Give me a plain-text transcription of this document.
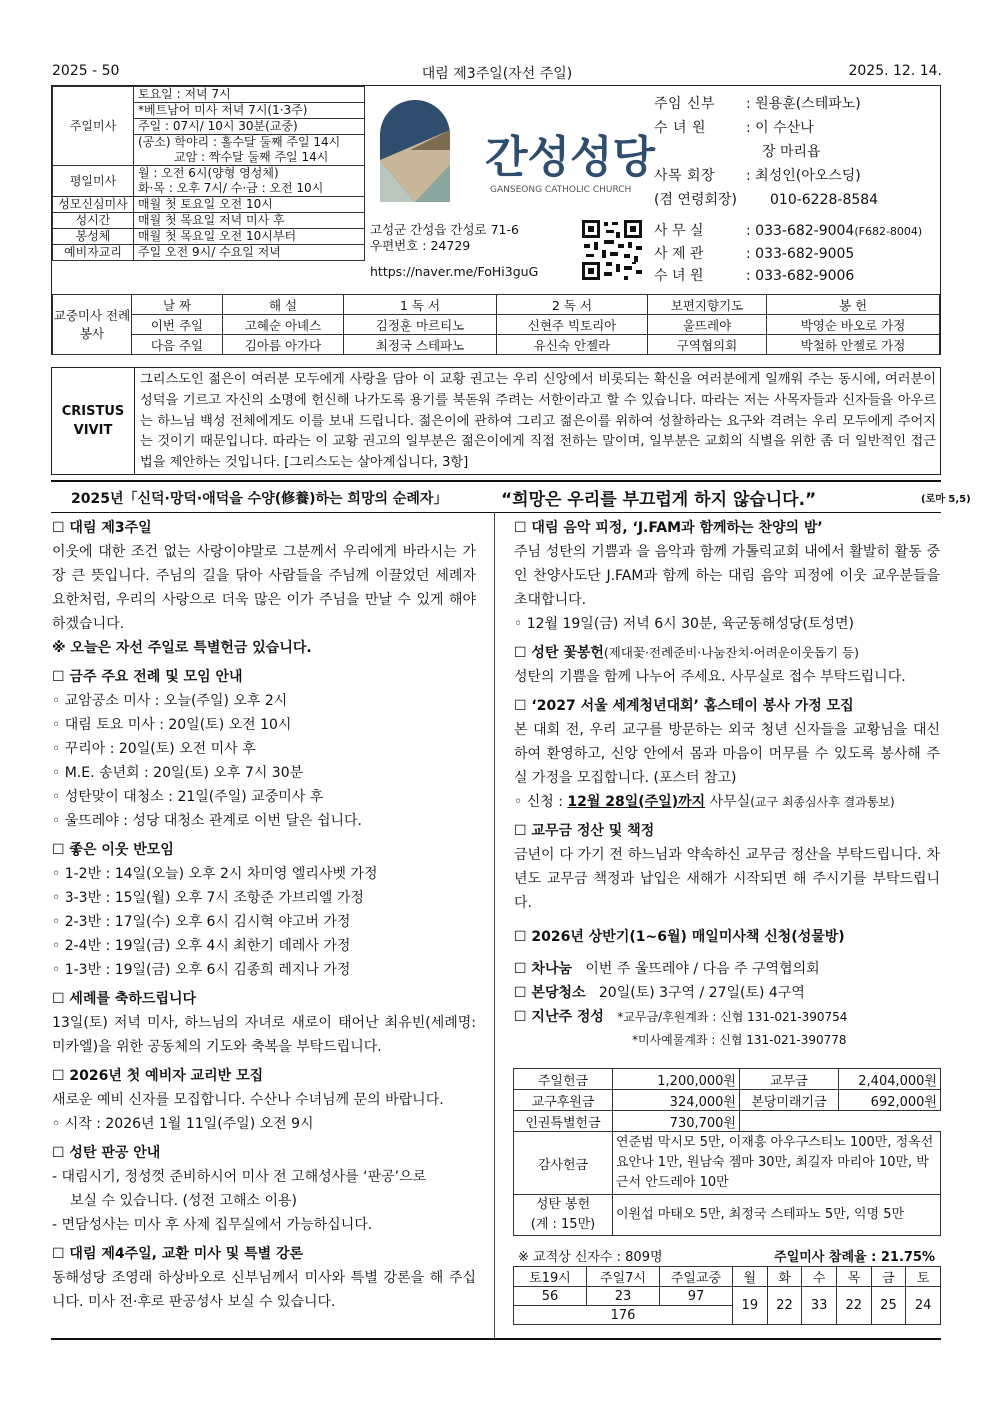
2025 - 50	대림 제3주일(자선 주일)	2025. 12. 14.
주일미사	토요일 : 저녁 7시
	*베트남어 미사 저녁 7시(1·3주)
	주일 : 07시/ 10시 30분(교중)
	(공소) 학야리 : 홀수달 둘째 주일 14시
	교암 : 짝수달 둘째 주일 14시
평일미사	월 : 오전 6시(양형 영성체)
	화·목 : 오후 7시/ 수·금 : 오전 10시
성모신심미사	매월 첫 토요일 오전 10시
성시간	매월 첫 목요일 저녁 미사 후
봉성체	매월 첫 목요일 오전 10시부터
예비자교리	주일 오전 9시/ 수요일 저녁
간성성당
GANSEONG CATHOLIC CHURCH
고성군 간성읍 간성로 71-6
우편번호 : 24729
https://naver.me/FoHi3guG
주임 신부 : 원용훈(스테파노)
수 녀 원	: 이 수산나
장 마리욥
사목 회장 : 최성인(아오스딩)
(겸 연령회장) 010-6228-8584
사 무 실	: 033-682-9004(F682-8004)
사 제 관	: 033-682-9005
수 녀 원	: 033-682-9006
교중미사 전례봉사	날 짜	해 설	1 독 서	2 독 서	보편지향기도	봉 헌
	이번 주일	고혜순 아녜스	김정훈 마르티노	신현주 빅토리아	울뜨레야	박영순 바오로 가정
	다음 주일	김아름 아가다	최정국 스테파노	유신숙 안젤라	구역협의회	박철하 안젤로 가정
CRISTUS
VIVIT
그리스도인 젊은이 여러분 모두에게 사랑을 담아 이 교황 권고는 우리 신앙에서 비롯되는 확신을 여러분에게 일깨워 주는 동시에, 여러분이 성덕을 기르고 자신의 소명에 헌신해 나가도록 용기를 북돋워 주려는 서한이라고 할 수 있습니다. 따라는 저는 사목자들과 신자들을 아우르는 하느님 백성 전체에게도 이를 보내 드립니다. 젊은이에 관하여 그리고 젊은이를 위하여 성찰하라는 요구와 격려는 우리 모두에게 주어지는 것이기 때문입니다. 따라는 이 교황 권고의 일부분은 젊은이에게 직접 전하는 말이며, 일부분은 교회의 식별을 위한 좀 더 일반적인 접근법을 제안하는 것입니다. [그리스도는 살아계십니다, 3항]
2025년「신덕·망덕·애덕을 수양(修養)하는 희망의 순례자」	“희망은 우리를 부끄럽게 하지 않습니다.”	(로마 5,5)
☐ 대림 제3주일
이웃에 대한 조건 없는 사랑이야말로 그분께서 우리에게 바라시는 가장 큰 뜻입니다. 주님의 길을 닦아 사람들을 주님께 이끌었던 세례자 요한처럼, 우리의 사랑으로 더욱 많은 이가 주님을 만날 수 있게 해야 하겠습니다.
※ 오늘은 자선 주일로 특별헌금 있습니다.
☐ 금주 주요 전례 및 모임 안내
◦ 교암공소 미사 : 오늘(주일) 오후 2시
◦ 대림 토요 미사 : 20일(토) 오전 10시
◦ 꾸리아 : 20일(토) 오전 미사 후
◦ M.E. 송년회 : 20일(토) 오후 7시 30분
◦ 성탄맞이 대청소 : 21일(주일) 교중미사 후
◦ 울뜨레야 : 성당 대청소 관계로 이번 달은 쉽니다.
☐ 좋은 이웃 반모임
◦ 1-2반 : 14일(오늘) 오후 2시 차미영 엘리사벳 가정
◦ 3-3반 : 15일(월) 오후 7시 조항준 가브리엘 가정
◦ 2-3반 : 17일(수) 오후 6시 김시혁 야고버 가정
◦ 2-4반 : 19일(금) 오후 4시 최한기 데레사 가정
◦ 1-3반 : 19일(금) 오후 6시 김종희 레지나 가정
☐ 세례를 축하드립니다
13일(토) 저녁 미사, 하느님의 자녀로 새로이 태어난 최유빈(세례명: 미카엘)을 위한 공동체의 기도와 축복을 부탁드립니다.
☐ 2026년 첫 예비자 교리반 모집
새로운 예비 신자를 모집합니다. 수산나 수녀님께 문의 바랍니다.
◦ 시작 : 2026년 1월 11일(주일) 오전 9시
☐ 성탄 판공 안내
- 대림시기, 정성껏 준비하시어 미사 전 고해성사를 ‘판공’으로
보실 수 있습니다. (성전 고해소 이용)
- 면담성사는 미사 후 사제 집무실에서 가능하십니다.
☐ 대림 제4주일, 교환 미사 및 특별 강론
동해성당 조영래 하상바오로 신부님께서 미사와 특별 강론을 해 주십니다. 미사 전·후로 판공성사 보실 수 있습니다.
☐ 대림 음악 피정, ‘J.FAM과 함께하는 찬양의 밤’
주님 성탄의 기쁨과 을 음악과 함께 가톨릭교회 내에서 활발히 활동 중인 찬양사도단 J.FAM과 함께 하는 대림 음악 피정에 이웃 교우분들을 초대합니다.
◦ 12월 19일(금) 저녁 6시 30분, 육군동해성당(토성면)
☐ 성탄 꽃봉헌(제대꽃·전례준비·나눔잔치·어려운이웃돕기 등)
성탄의 기쁨을 함께 나누어 주세요. 사무실로 접수 부탁드립니다.
☐ ‘2027 서울 세계청년대회’ 홈스테이 봉사 가정 모집
본 대회 전, 우리 교구를 방문하는 외국 청년 신자들을 교황님을 대신하여 환영하고, 신앙 안에서 몸과 마음이 머무를 수 있도록 봉사해 주실 가정을 모집합니다. (포스터 참고)
◦ 신청 : 12월 28일(주일)까지 사무실(교구 최종심사후 결과통보)
☐ 교무금 정산 및 책정
금년이 다 가기 전 하느님과 약속하신 교무금 정산을 부탁드립니다. 차년도 교무금 책정과 납입은 새해가 시작되면 해 주시기를 부탁드립니다.
☐ 2026년 상반기(1~6월) 매일미사책 신청(성물방)
☐ 차나눔 이번 주 울뜨레야 / 다음 주 구역협의회
☐ 본당청소 20일(토) 3구역 / 27일(토) 4구역
☐ 지난주 정성 *교무금/후원계좌 : 신협 131-021-390754
*미사예물계좌 : 신협 131-021-390778
주일헌금	1,200,000원	교무금	2,404,000원
교구후원금	324,000원	본당미래기금	692,000원
인권특별헌금	730,700원		
감사헌금	연준범 막시모 5만, 이재흥 아우구스티노 100만, 정옥선 요안나 1만, 원남숙 젬마 30만, 최길자 마리아 10만, 박근서 안드레아 10만		

성탄 봉헌
(계 : 15만)	이원섭 마태오 5만, 최정국 스테파노 5만, 익명 5만		
※ 교적상 신자수 : 809명	주일미사 참례율 : 21.75%
토19시	주일7시	주일교중	월	화	수	목	금	토
56	23	97	19	22	33	22	25	24
176								
